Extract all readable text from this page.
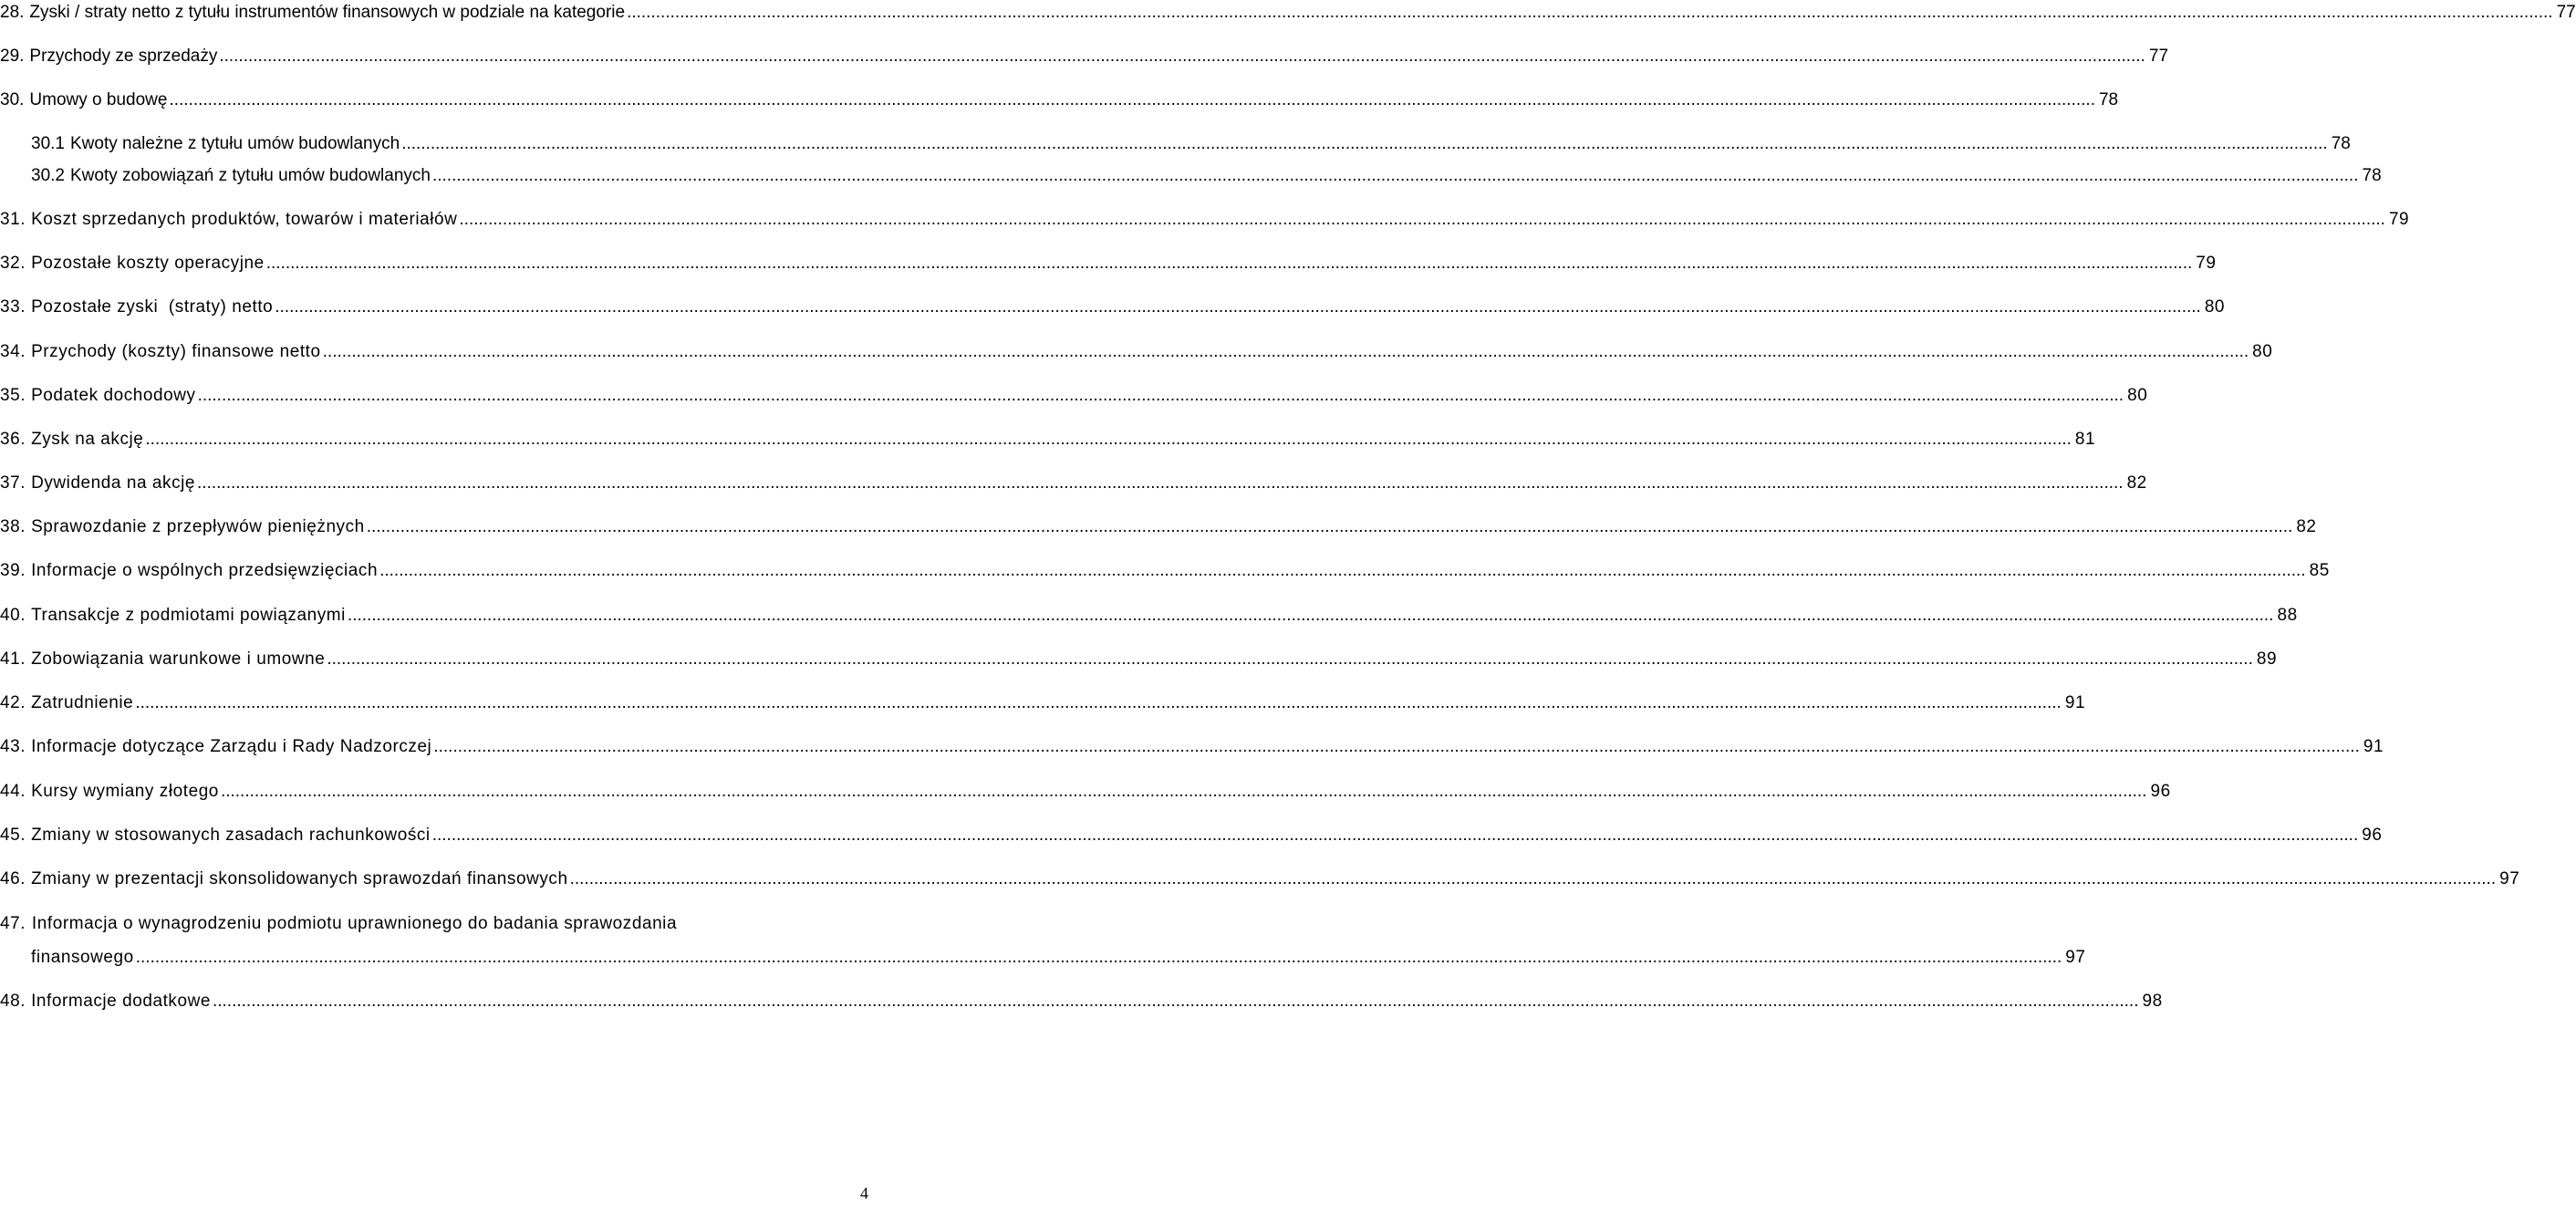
28. Zyski / straty netto z tytułu instrumentów finansowych w podziale na kategorie ................................................................................................................................................................................................................................................................................................................................................................................................................ 77
29. Przychody ze sprzedaży ................................................................................................................................................................................................................................................................................................................................................................................................................ 77
30. Umowy o budowę ................................................................................................................................................................................................................................................................................................................................................................................................................ 78
30.1 Kwoty należne z tytułu umów budowlanych ................................................................................................................................................................................................................................................................................................................................................................................................................ 78
30.2 Kwoty zobowiązań z tytułu umów budowlanych ................................................................................................................................................................................................................................................................................................................................................................................................................ 78
31. Koszt sprzedanych produktów, towarów i materiałów ................................................................................................................................................................................................................................................................................................................................................................................................................ 79
32. Pozostałe koszty operacyjne ................................................................................................................................................................................................................................................................................................................................................................................................................ 79
33. Pozostałe zyski  (straty) netto ................................................................................................................................................................................................................................................................................................................................................................................................................ 80
34. Przychody (koszty) finansowe netto ................................................................................................................................................................................................................................................................................................................................................................................................................ 80
35. Podatek dochodowy ................................................................................................................................................................................................................................................................................................................................................................................................................ 80
36. Zysk na akcję ................................................................................................................................................................................................................................................................................................................................................................................................................ 81
37. Dywidenda na akcję ................................................................................................................................................................................................................................................................................................................................................................................................................ 82
38. Sprawozdanie z przepływów pieniężnych ................................................................................................................................................................................................................................................................................................................................................................................................................ 82
39. Informacje o wspólnych przedsięwzięciach ................................................................................................................................................................................................................................................................................................................................................................................................................ 85
40. Transakcje z podmiotami powiązanymi ................................................................................................................................................................................................................................................................................................................................................................................................................ 88
41. Zobowiązania warunkowe i umowne ................................................................................................................................................................................................................................................................................................................................................................................................................ 89
42. Zatrudnienie ................................................................................................................................................................................................................................................................................................................................................................................................................ 91
43. Informacje dotyczące Zarządu i Rady Nadzorczej ................................................................................................................................................................................................................................................................................................................................................................................................................ 91
44. Kursy wymiany złotego ................................................................................................................................................................................................................................................................................................................................................................................................................ 96
45. Zmiany w stosowanych zasadach rachunkowości ................................................................................................................................................................................................................................................................................................................................................................................................................ 96
46. Zmiany w prezentacji skonsolidowanych sprawozdań finansowych ................................................................................................................................................................................................................................................................................................................................................................................................................ 97
47. Informacja o wynagrodzeniu podmiotu uprawnionego do badania sprawozdania
finansowego ................................................................................................................................................................................................................................................................................................................................................................................................................ 97
48. Informacje dodatkowe ................................................................................................................................................................................................................................................................................................................................................................................................................ 98
4
